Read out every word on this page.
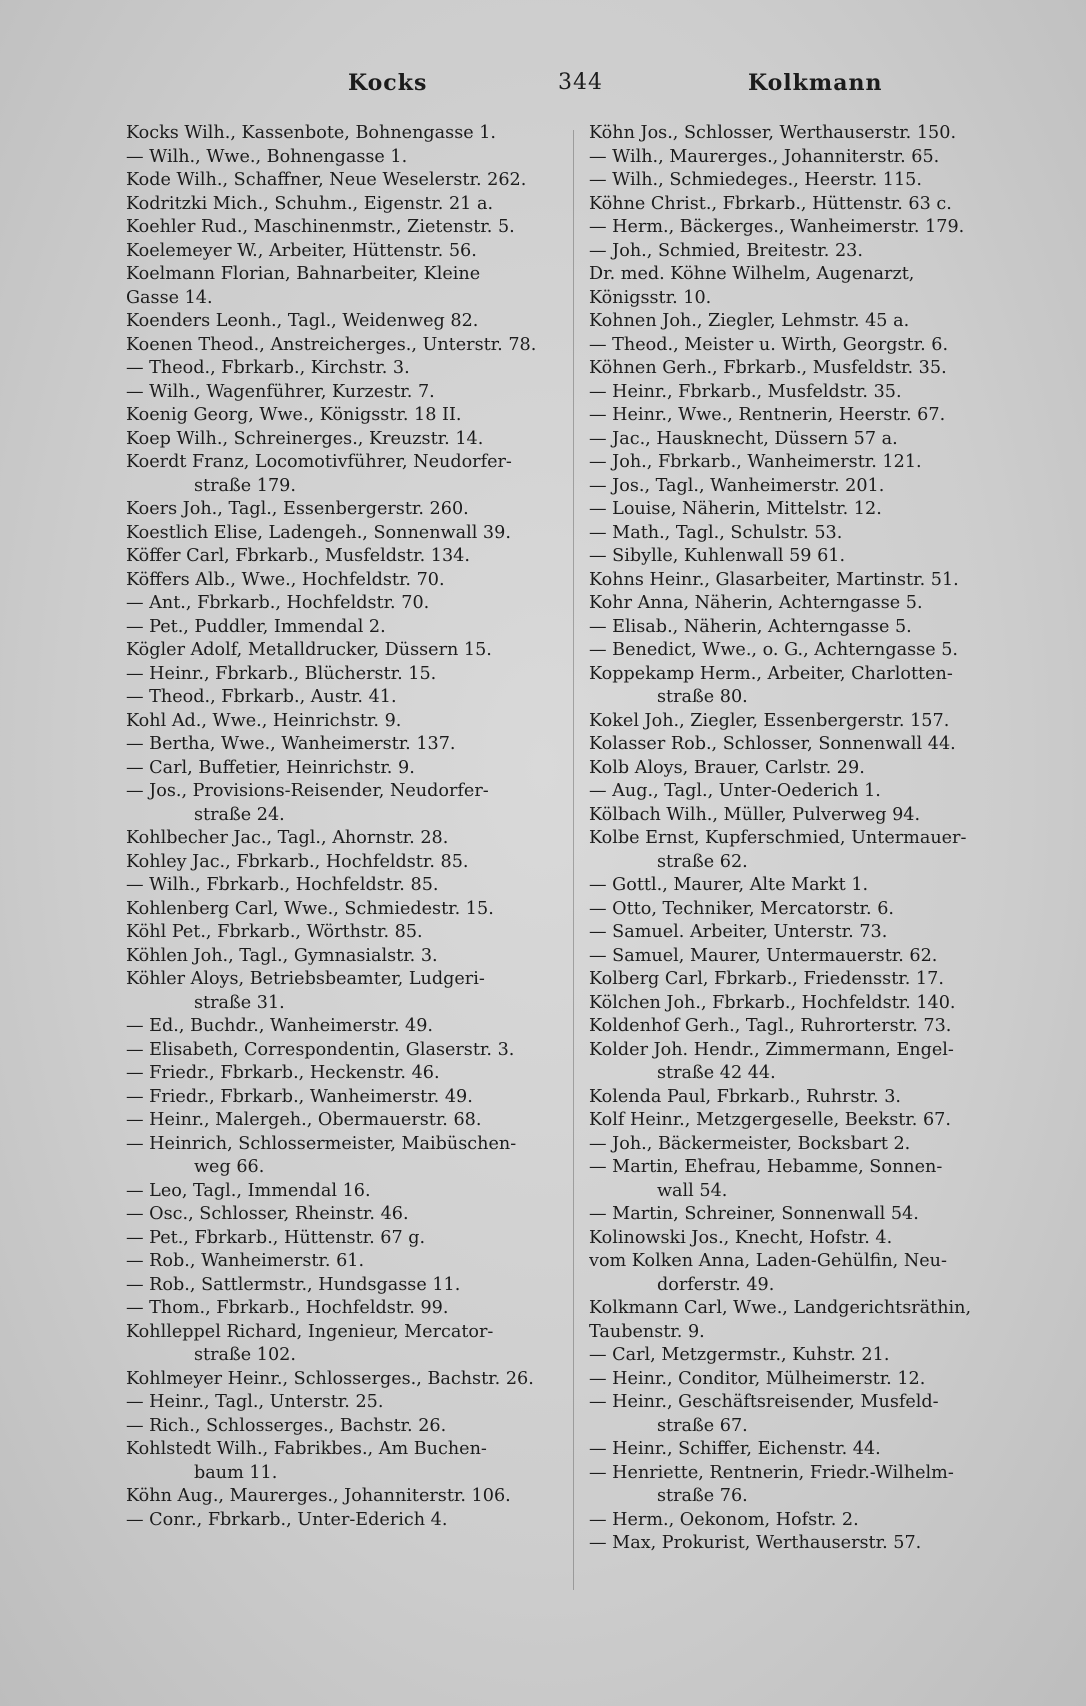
Kocks	344	Kolkmann
Kocks Wilh., Kassenbote, Bohnengasse 1.
— Wilh., Wwe., Bohnengasse 1.
Kode Wilh., Schaffner, Neue Weselerstr. 262.
Kodritzki Mich., Schuhm., Eigenstr. 21 a.
Koehler Rud., Maschinenmstr., Zietenstr. 5.
Koelemeyer W., Arbeiter, Hüttenstr. 56.
Koelmann Florian, Bahnarbeiter, Kleine
Gasse 14.
Koenders Leonh., Tagl., Weidenweg 82.
Koenen Theod., Anstreicherges., Unterstr. 78.
— Theod., Fbrkarb., Kirchstr. 3.
— Wilh., Wagenführer, Kurzestr. 7.
Koenig Georg, Wwe., Königsstr. 18 II.
Koep Wilh., Schreinerges., Kreuzstr. 14.
Koerdt Franz, Locomotivführer, Neudorfer-
straße 179.
Koers Joh., Tagl., Essenbergerstr. 260.
Koestlich Elise, Ladengeh., Sonnenwall 39.
Köffer Carl, Fbrkarb., Musfeldstr. 134.
Köffers Alb., Wwe., Hochfeldstr. 70.
— Ant., Fbrkarb., Hochfeldstr. 70.
— Pet., Puddler, Immendal 2.
Kögler Adolf, Metalldrucker, Düssern 15.
— Heinr., Fbrkarb., Blücherstr. 15.
— Theod., Fbrkarb., Austr. 41.
Kohl Ad., Wwe., Heinrichstr. 9.
— Bertha, Wwe., Wanheimerstr. 137.
— Carl, Buffetier, Heinrichstr. 9.
— Jos., Provisions-Reisender, Neudorfer-
straße 24.
Kohlbecher Jac., Tagl., Ahornstr. 28.
Kohley Jac., Fbrkarb., Hochfeldstr. 85.
— Wilh., Fbrkarb., Hochfeldstr. 85.
Kohlenberg Carl, Wwe., Schmiedestr. 15.
Köhl Pet., Fbrkarb., Wörthstr. 85.
Köhlen Joh., Tagl., Gymnasialstr. 3.
Köhler Aloys, Betriebsbeamter, Ludgeri-
straße 31.
— Ed., Buchdr., Wanheimerstr. 49.
— Elisabeth, Correspondentin, Glaserstr. 3.
— Friedr., Fbrkarb., Heckenstr. 46.
— Friedr., Fbrkarb., Wanheimerstr. 49.
— Heinr., Malergeh., Obermauerstr. 68.
— Heinrich, Schlossermeister, Maibüschen-
weg 66.
— Leo, Tagl., Immendal 16.
— Osc., Schlosser, Rheinstr. 46.
— Pet., Fbrkarb., Hüttenstr. 67 g.
— Rob., Wanheimerstr. 61.
— Rob., Sattlermstr., Hundsgasse 11.
— Thom., Fbrkarb., Hochfeldstr. 99.
Kohlleppel Richard, Ingenieur, Mercator-
straße 102.
Kohlmeyer Heinr., Schlosserges., Bachstr. 26.
— Heinr., Tagl., Unterstr. 25.
— Rich., Schlosserges., Bachstr. 26.
Kohlstedt Wilh., Fabrikbes., Am Buchen-
baum 11.
Köhn Aug., Maurerges., Johanniterstr. 106.
— Conr., Fbrkarb., Unter-Ederich 4.
Köhn Jos., Schlosser, Werthauserstr. 150.
— Wilh., Maurerges., Johanniterstr. 65.
— Wilh., Schmiedeges., Heerstr. 115.
Köhne Christ., Fbrkarb., Hüttenstr. 63 c.
— Herm., Bäckerges., Wanheimerstr. 179.
— Joh., Schmied, Breitestr. 23.
Dr. med. Köhne Wilhelm, Augenarzt,
Königsstr. 10.
Kohnen Joh., Ziegler, Lehmstr. 45 a.
— Theod., Meister u. Wirth, Georgstr. 6.
Köhnen Gerh., Fbrkarb., Musfeldstr. 35.
— Heinr., Fbrkarb., Musfeldstr. 35.
— Heinr., Wwe., Rentnerin, Heerstr. 67.
— Jac., Hausknecht, Düssern 57 a.
— Joh., Fbrkarb., Wanheimerstr. 121.
— Jos., Tagl., Wanheimerstr. 201.
— Louise, Näherin, Mittelstr. 12.
— Math., Tagl., Schulstr. 53.
— Sibylle, Kuhlenwall 59 61.
Kohns Heinr., Glasarbeiter, Martinstr. 51.
Kohr Anna, Näherin, Achterngasse 5.
— Elisab., Näherin, Achterngasse 5.
— Benedict, Wwe., o. G., Achterngasse 5.
Koppekamp Herm., Arbeiter, Charlotten-
straße 80.
Kokel Joh., Ziegler, Essenbergerstr. 157.
Kolasser Rob., Schlosser, Sonnenwall 44.
Kolb Aloys, Brauer, Carlstr. 29.
— Aug., Tagl., Unter-Oederich 1.
Kölbach Wilh., Müller, Pulverweg 94.
Kolbe Ernst, Kupferschmied, Untermauer-
straße 62.
— Gottl., Maurer, Alte Markt 1.
— Otto, Techniker, Mercatorstr. 6.
— Samuel. Arbeiter, Unterstr. 73.
— Samuel, Maurer, Untermauerstr. 62.
Kolberg Carl, Fbrkarb., Friedensstr. 17.
Kölchen Joh., Fbrkarb., Hochfeldstr. 140.
Koldenhof Gerh., Tagl., Ruhrorterstr. 73.
Kolder Joh. Hendr., Zimmermann, Engel-
straße 42 44.
Kolenda Paul, Fbrkarb., Ruhrstr. 3.
Kolf Heinr., Metzgergeselle, Beekstr. 67.
— Joh., Bäckermeister, Bocksbart 2.
— Martin, Ehefrau, Hebamme, Sonnen-
wall 54.
— Martin, Schreiner, Sonnenwall 54.
Kolinowski Jos., Knecht, Hofstr. 4.
vom Kolken Anna, Laden-Gehülfin, Neu-
dorferstr. 49.
Kolkmann Carl, Wwe., Landgerichtsräthin,
Taubenstr. 9.
— Carl, Metzgermstr., Kuhstr. 21.
— Heinr., Conditor, Mülheimerstr. 12.
— Heinr., Geschäftsreisender, Musfeld-
straße 67.
— Heinr., Schiffer, Eichenstr. 44.
— Henriette, Rentnerin, Friedr.-Wilhelm-
straße 76.
— Herm., Oekonom, Hofstr. 2.
— Max, Prokurist, Werthauserstr. 57.
